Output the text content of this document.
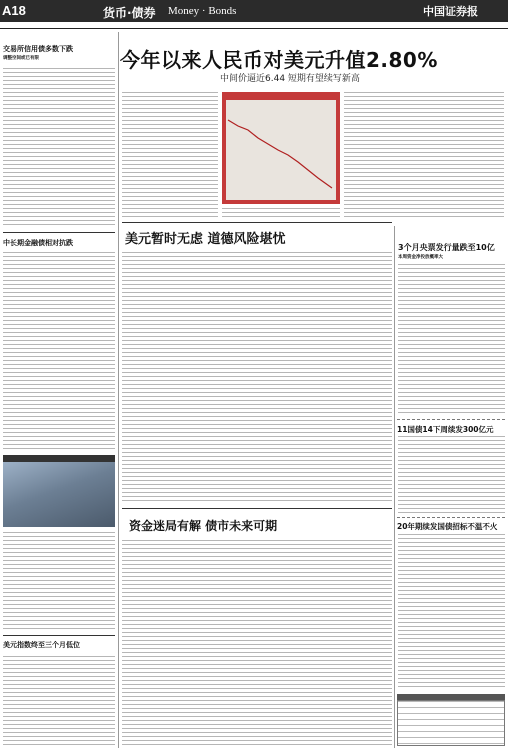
A18	货币·债券 Money · Bonds	中国证券报
交易所信用债多数下跌
调整空间或已有限
中长期金融债相对抗跌
美元指数终至三个月低位
今年以来人民币对美元升值2.80%
中间价逼近6.44 短期有望续写新高
美元暂时无虑 道德风险堪忧
资金迷局有解 债市未来可期
3个月央票发行量跌至10亿
本周资金净投放概率大
11国债14下周续发300亿元
20年期续发国债招标不温不火
